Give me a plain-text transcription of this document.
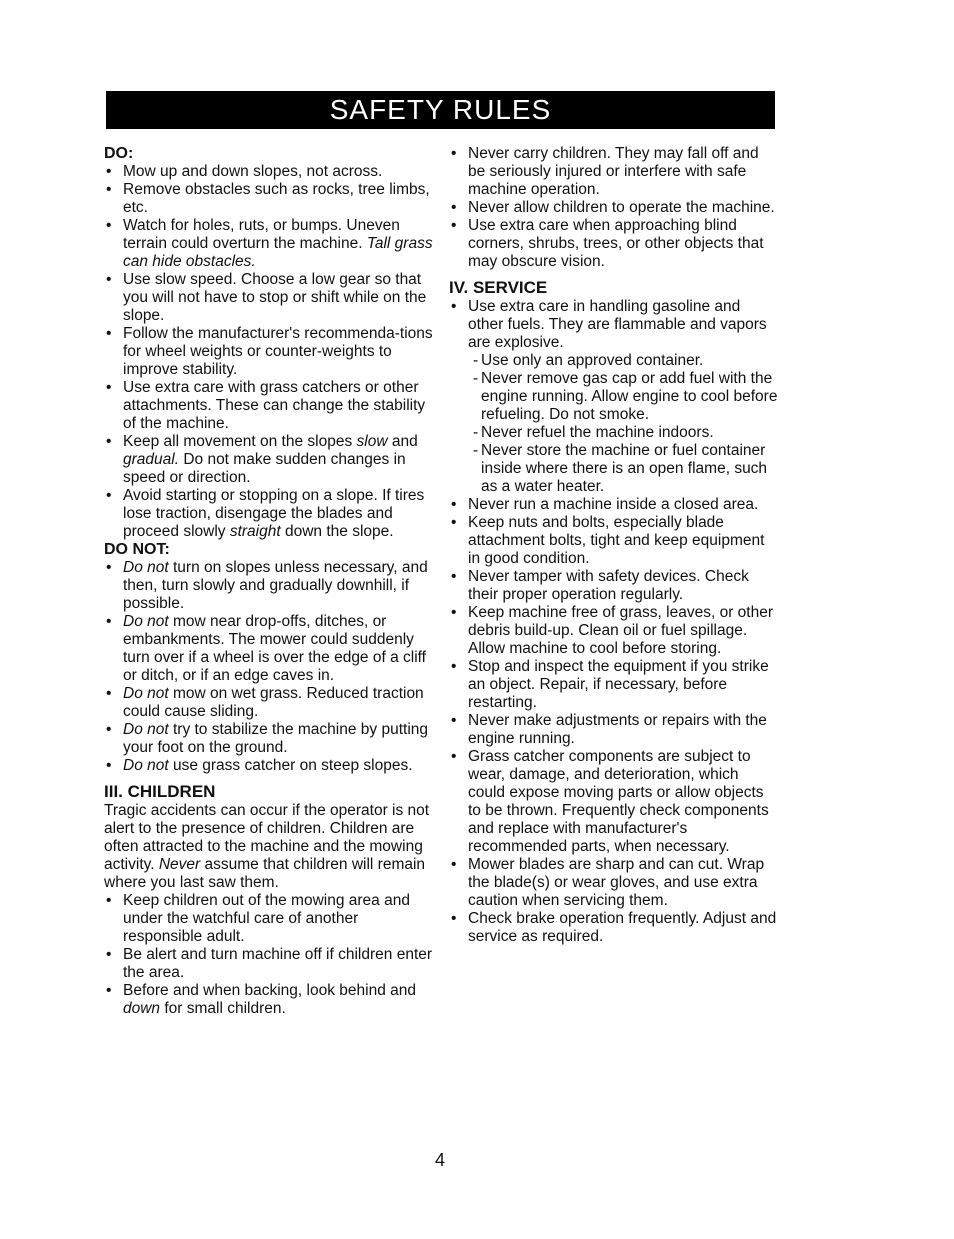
SAFETY RULES

DO:

• Mow up and down slopes, not across.
• Remove obstacles such as rocks, tree limbs, etc.
• Watch for holes, ruts, or bumps. Uneven terrain could overturn the machine. Tall grass can hide obstacles.
• Use slow speed. Choose a low gear so that you will not have to stop or shift while on the slope.
• Follow the manufacturer's recommenda-tions for wheel weights or counter-weights to improve stability.
• Use extra care with grass catchers or other attachments. These can change the stability of the machine.
• Keep all movement on the slopes slow and gradual. Do not make sudden changes in speed or direction.
• Avoid starting or stopping on a slope. If tires lose traction, disengage the blades and proceed slowly straight down the slope.

DO NOT:

• Do not turn on slopes unless necessary, and then, turn slowly and gradually downhill, if possible.
• Do not mow near drop-offs, ditches, or embankments. The mower could suddenly turn over if a wheel is over the edge of a cliff or ditch, or if an edge caves in.
• Do not mow on wet grass. Reduced traction could cause sliding.
• Do not try to stabilize the machine by putting your foot on the ground.
• Do not use grass catcher on steep slopes.

III. CHILDREN

Tragic accidents can occur if the operator is not alert to the presence of children. Children are often attracted to the machine and the mowing activity. Never assume that children will remain where you last saw them.

• Keep children out of the mowing area and under the watchful care of another responsible adult.
• Be alert and turn machine off if children enter the area.
• Before and when backing, look behind and down for small children.
• Never carry children. They may fall off and be seriously injured or interfere with safe machine operation.
• Never allow children to operate the machine.
• Use extra care when approaching blind corners, shrubs, trees, or other objects that may obscure vision.

IV. SERVICE

• Use extra care in handling gasoline and other fuels. They are flammable and vapors are explosive.
- Use only an approved container.
- Never remove gas cap or add fuel with the engine running. Allow engine to cool before refueling. Do not smoke.
- Never refuel the machine indoors.
- Never store the machine or fuel container inside where there is an open flame, such as a water heater.
• Never run a machine inside a closed area.
• Keep nuts and bolts, especially blade attachment bolts, tight and keep equipment in good condition.
• Never tamper with safety devices. Check their proper operation regularly.
• Keep machine free of grass, leaves, or other debris build-up. Clean oil or fuel spillage. Allow machine to cool before storing.
• Stop and inspect the equipment if you strike an object. Repair, if necessary, before restarting.
• Never make adjustments or repairs with the engine running.
• Grass catcher components are subject to wear, damage, and deterioration, which could expose moving parts or allow objects to be thrown. Frequently check components and replace with manufacturer's recommended parts, when necessary.
• Mower blades are sharp and can cut. Wrap the blade(s) or wear gloves, and use extra caution when servicing them.
• Check brake operation frequently. Adjust and service as required.
4
